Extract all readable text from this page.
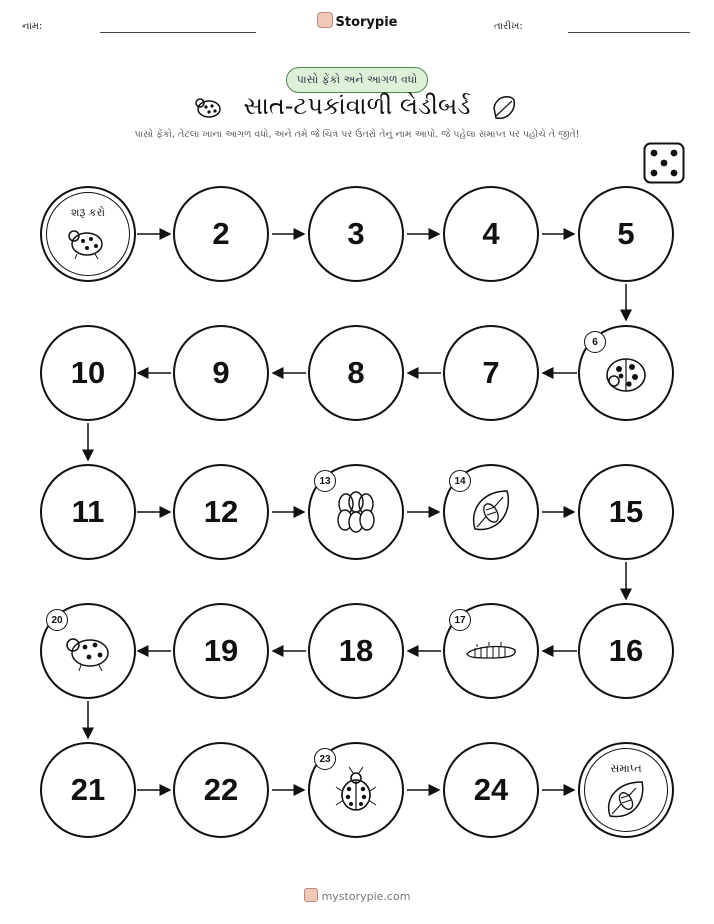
નામ:	Storypie	તારીખ:
પાસો ફેંકો અને આગળ વધો
સાત-ટપકાંવાળી લેડીબર્ડ
પાસો ફેંકો, તેટલા ખાના આગળ વધો, અને તમે જે ચિત્ર પર ઉતરો તેનું નામ આપો. જે પહેલા સમાપ્ત પર પહોંચે તે જીતે!
શરૂ કરો
2	3	4	5
10	9	8	7
6
11	12
13	14
15
20
19	18
17
16
21	22
23
24
સમાપ્ત
mystorypie.com
